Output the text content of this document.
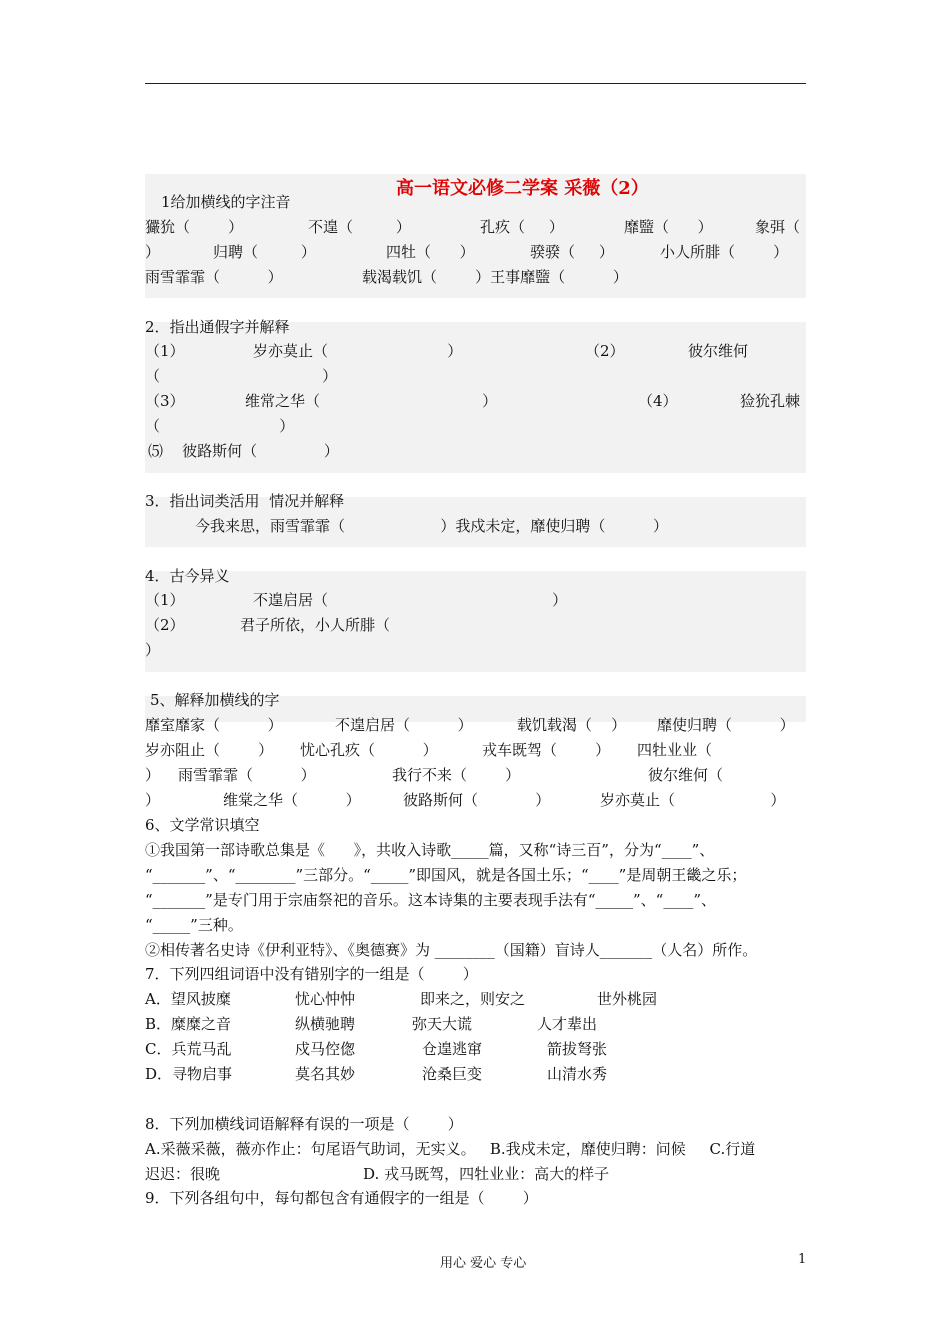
高一语文必修二学案 采薇（2）
1给加横线的字注音
玁狁（        ）	不遑（         ）	孔疚（     ）	靡盬（      ）	象弭（
）	归聘（         ）	四牡（      ）	骙骙（     ）	小人所腓（        ）
雨雪霏霏（          ）	载渴载饥（        ）王事靡盬（          ）
2．指出通假字并解释
（1）	岁亦莫止（                         ）	（2）	彼尔维何
（                                  ）
（3）	维常之华（                                  ）	（4）	猃狁孔棘
（                         ）
⑸    彼路斯何（              ）
3．指出词类活用  情况并解释
今我来思，雨雪霏霏（                    ）我戍未定，靡使归聘（          ）
4．古今异义
（1）	不遑启居（                                               ）
（2）	君子所依，小人所腓（
）
5、解释加横线的字
靡室靡家（          ）	不遑启居（          ）	载饥载渴（    ） 靡使归聘（          ）
岁亦阻止（        ） 忧心孔疚（          ）	戎车既驾（        ） 四牡业业（
） 雨雪霏霏（          ）	我行不来（        ）	彼尔维何（
）	维棠之华（          ）	彼路斯何（            ）	岁亦莫止（                    ）
6、文学常识填空
①我国第一部诗歌总集是《      》，共收入诗歌_____篇，又称“诗三百”，分为“____”、
“_______”、“________”三部分。“_____”即国风，就是各国土乐；“____”是周朝王畿之乐；
“_______”是专门用于宗庙祭祀的音乐。这本诗集的主要表现手法有“_____”、“____”、
“_____”三种。
②相传著名史诗《伊利亚特》、《奥德赛》为 ________（国籍）盲诗人_______（人名）所作。
7．下列四组词语中没有错别字的一组是（        ）
A．望风披糜	忧心忡忡	即来之，则安之	世外桃园
B．糜糜之音	纵横驰聘	弥天大谎	人才辈出
C．兵荒马乱	戍马倥偬	仓遑逃窜	箭拔弩张
D．寻物启事	莫名其妙	沧桑巨变	山清水秀
8．下列加横线词语解释有误的一项是（        ）
A.采薇采薇，薇亦作止：句尾语气助词，无实义。   B.我戍未定，靡使归聘：问候     C.行道
迟迟：很晚                              D. 戎马既驾，四牡业业：高大的样子
9．下列各组句中，每句都包含有通假字的一组是（        ）
用心 爱心 专心	1
